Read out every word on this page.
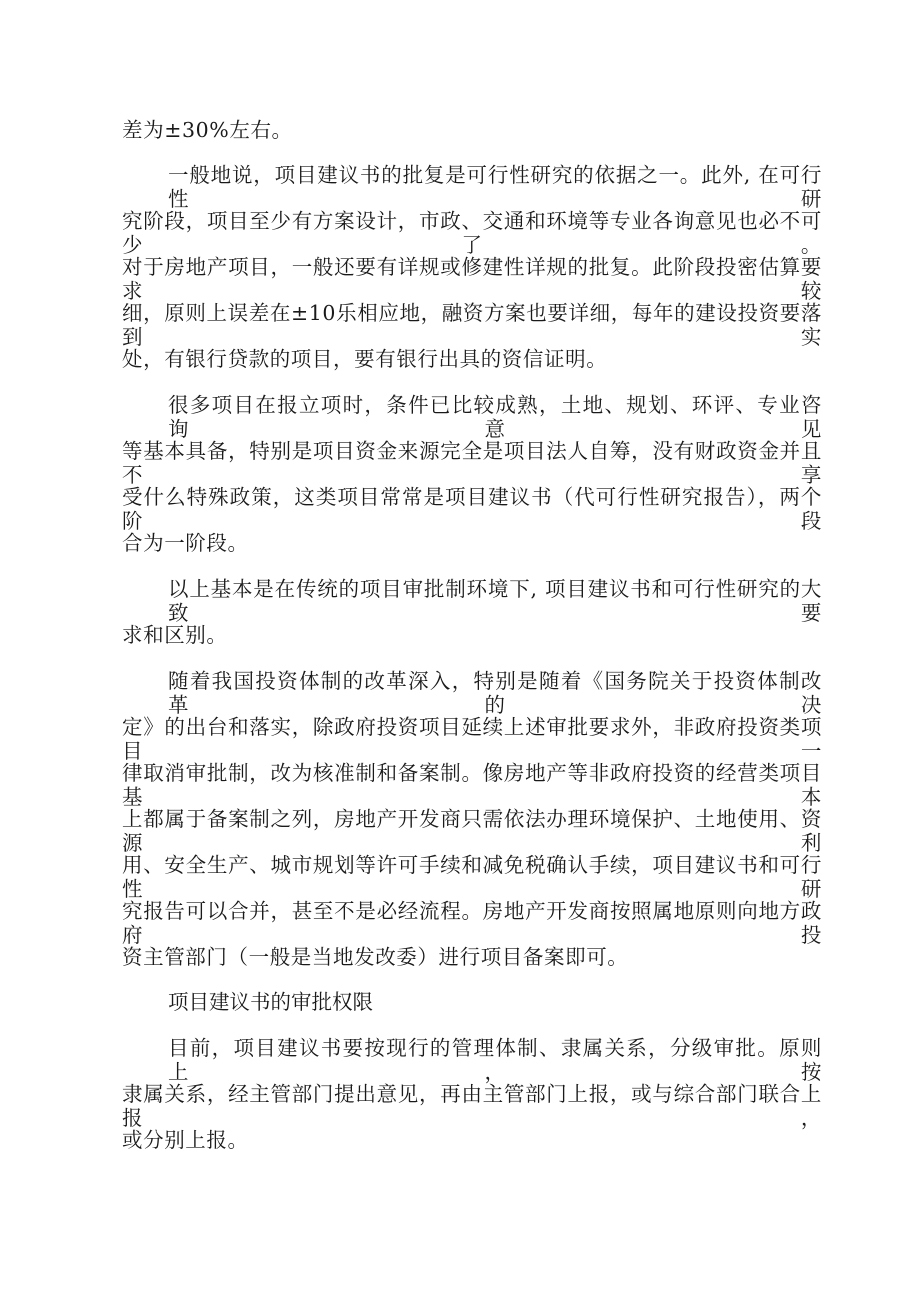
差为±30%左右。
一般地说，项目建议书的批复是可行性研究的依据之一。此外, 在可行性研
究阶段，项目至少有方案设计，市政、交通和环境等专业各询意见也必不可少了。
对于房地产项目，一般还要有详规或修建性详规的批复。此阶段投密估算要求较
细，原则上误差在±10乐相应地，融资方案也要详细，每年的建设投资要落到实
处，有银行贷款的项目，要有银行出具的资信证明。
很多项目在报立项时，条件已比较成熟，土地、规划、环评、专业咨询意见
等基本具备，特别是项目资金来源完全是项目法人自筹，没有财政资金并且不享
受什么特殊政策，这类项目常常是项目建议书（代可行性研究报告），两个阶段
合为一阶段。
以上基本是在传统的项目审批制环境下, 项目建议书和可行性研究的大致要
求和区别。
随着我国投资体制的改革深入，特别是随着《国务院关于投资体制改革的决
定》的出台和落实，除政府投资项目延续上述审批要求外，非政府投资类项目一
律取消审批制，改为核准制和备案制。像房地产等非政府投资的经营类项目基本
上都属于备案制之列，房地产开发商只需依法办理环境保护、土地使用、资源利
用、安全生产、城市规划等许可手续和减免税确认手续，项目建议书和可行性研
究报告可以合并，甚至不是必经流程。房地产开发商按照属地原则向地方政府投
资主管部门（一般是当地发改委）进行项目备案即可。
项目建议书的审批权限
目前，项目建议书要按现行的管理体制、隶属关系，分级审批。原则上，按
隶属关系，经主管部门提出意见，再由主管部门上报，或与综合部门联合上报，
或分别上报。
